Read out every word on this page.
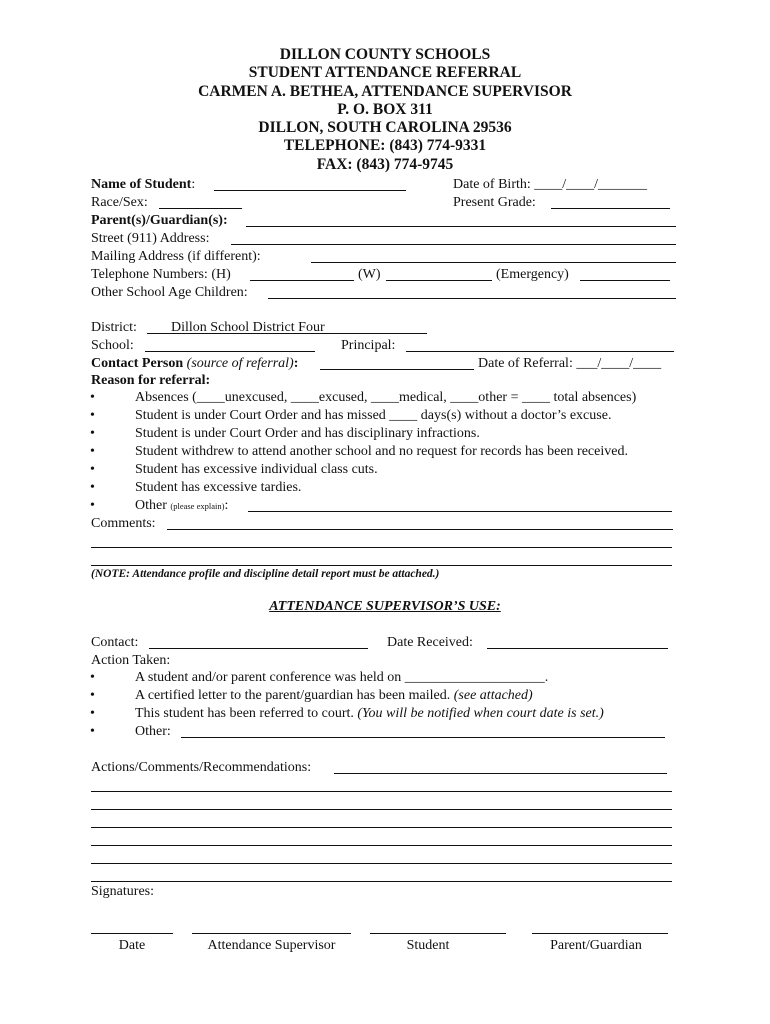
DILLON COUNTY SCHOOLS
STUDENT ATTENDANCE REFERRAL
CARMEN A. BETHEA, ATTENDANCE SUPERVISOR
P. O. BOX 311
DILLON, SOUTH CAROLINA 29536
TELEPHONE: (843) 774-9331
FAX: (843) 774-9745
Name of Student:	Date of Birth: ____/____/_______
Race/Sex:	Present Grade:
Parent(s)/Guardian(s):
Street (911) Address:
Mailing Address (if different):
Telephone Numbers: (H)	(W)	(Emergency)
Other School Age Children:
District: Dillon School District Four
School:	Principal:
Contact Person (source of referral):	Date of Referral: ___/____/____
Reason for referral:
•	Absences (____unexcused, ____excused, ____medical, ____other = ____ total absences)
•	Student is under Court Order and has missed ____ days(s) without a doctor’s excuse.
•	Student is under Court Order and has disciplinary infractions.
•	Student withdrew to attend another school and no request for records has been received.
•	Student has excessive individual class cuts.
•	Student has excessive tardies.
•	Other (please explain):
Comments:
(NOTE: Attendance profile and discipline detail report must be attached.)
ATTENDANCE SUPERVISOR’S USE:
Contact:	Date Received:
Action Taken:
•	A student and/or parent conference was held on ____________________.
•	A certified letter to the parent/guardian has been mailed. (see attached)
•	This student has been referred to court. (You will be notified when court date is set.)
•	Other:
Actions/Comments/Recommendations:
Signatures:
Date	Attendance Supervisor	Student	Parent/Guardian
